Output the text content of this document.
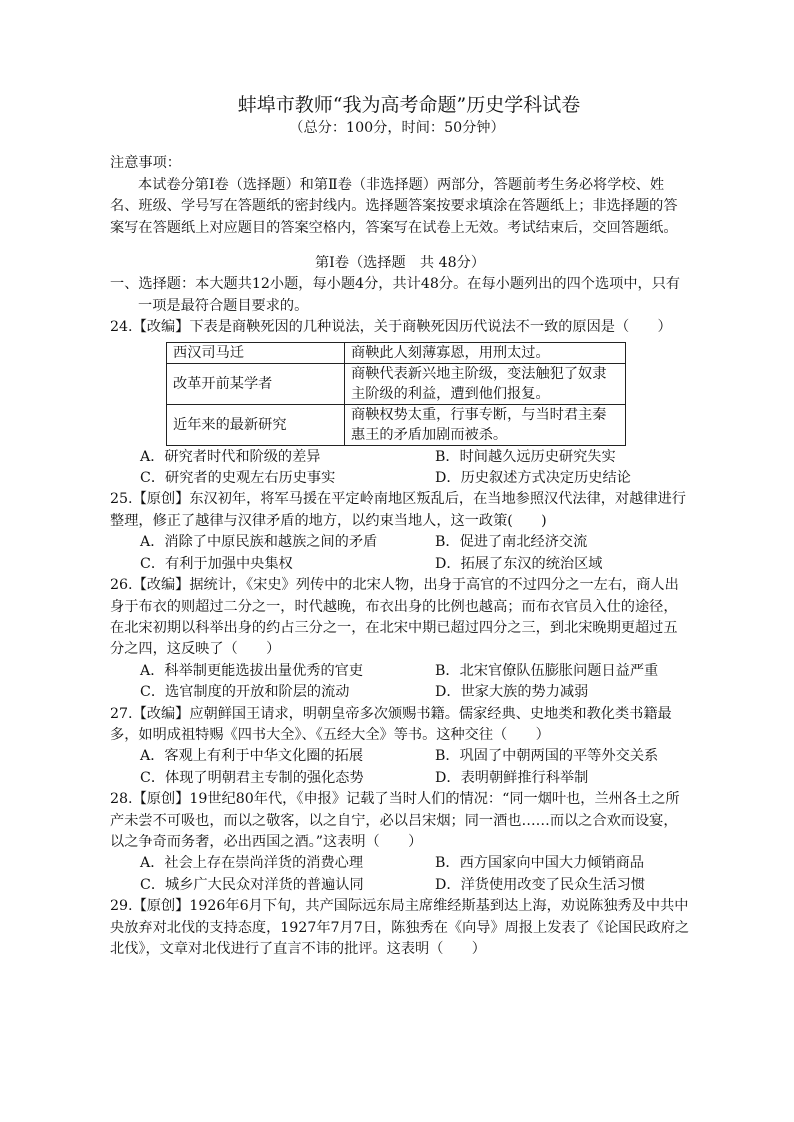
蚌埠市教师“我为高考命题”历史学科试卷
（总分：100分，时间：50分钟）
注意事项：
本试卷分第Ⅰ卷（选择题）和第Ⅱ卷（非选择题）两部分，答题前考生务必将学校、姓名、班级、学号写在答题纸的密封线内。选择题答案按要求填涂在答题纸上；非选择题的答案写在答题纸上对应题目的答案空格内，答案写在试卷上无效。考试结束后，交回答题纸。
第Ⅰ卷（选择题　共 48分）
一、选择题：本大题共12小题，每小题4分，共计48分。在每小题列出的四个选项中，只有一项是最符合题目要求的。
24.【改编】下表是商鞅死因的几种说法，关于商鞅死因历代说法不一致的原因是（　　）
西汉司马迁	商鞅此人刻薄寡恩，用刑太过。
改革开前某学者	商鞅代表新兴地主阶级，变法触犯了奴隶主阶级的利益，遭到他们报复。
近年来的最新研究	商鞅权势太重，行事专断，与当时君主秦惠王的矛盾加剧而被杀。
A．研究者时代和阶级的差异	B．时间越久远历史研究失实
C．研究者的史观左右历史事实	D．历史叙述方式决定历史结论
25.【原创】东汉初年，将军马援在平定岭南地区叛乱后，在当地参照汉代法律，对越律进行整理，修正了越律与汉律矛盾的地方，以约束当地人，这一政策(　　)
A．消除了中原民族和越族之间的矛盾	B．促进了南北经济交流
C．有利于加强中央集权	D．拓展了东汉的统治区域
26.【改编】据统计，《宋史》列传中的北宋人物，出身于高官的不过四分之一左右，商人出身于布衣的则超过二分之一，时代越晚，布衣出身的比例也越高；而布衣官员入仕的途径，在北宋初期以科举出身的约占三分之一，在北宋中期已超过四分之三，到北宋晚期更超过五分之四，这反映了（　　）
A．科举制更能选拔出量优秀的官吏	B．北宋官僚队伍膨胀问题日益严重
C．选官制度的开放和阶层的流动	D．世家大族的势力减弱
27.【改编】应朝鲜国王请求，明朝皇帝多次颁赐书籍。儒家经典、史地类和教化类书籍最多，如明成祖特赐《四书大全》、《五经大全》等书。这种交往（　　）
A．客观上有利于中华文化圈的拓展	B．巩固了中朝两国的平等外交关系
C．体现了明朝君主专制的强化态势	D．表明朝鲜推行科举制
28.【原创】19世纪80年代，《申报》记载了当时人们的情况：“同一烟叶也，兰州各土之所产未尝不可吸也，而以之敬客，以之自宁，必以吕宋烟；同一酒也……而以之合欢而设宴，以之争奇而务奢，必出西国之酒。”这表明（　　）
A．社会上存在崇尚洋货的消费心理	B．西方国家向中国大力倾销商品
C．城乡广大民众对洋货的普遍认同	D．洋货使用改变了民众生活习惯
29.【原创】1926年6月下旬，共产国际远东局主席维经斯基到达上海，劝说陈独秀及中共中央放弃对北伐的支持态度，1927年7月7日，陈独秀在《向导》周报上发表了《论国民政府之北伐》，文章对北伐进行了直言不讳的批评。这表明（　　）
